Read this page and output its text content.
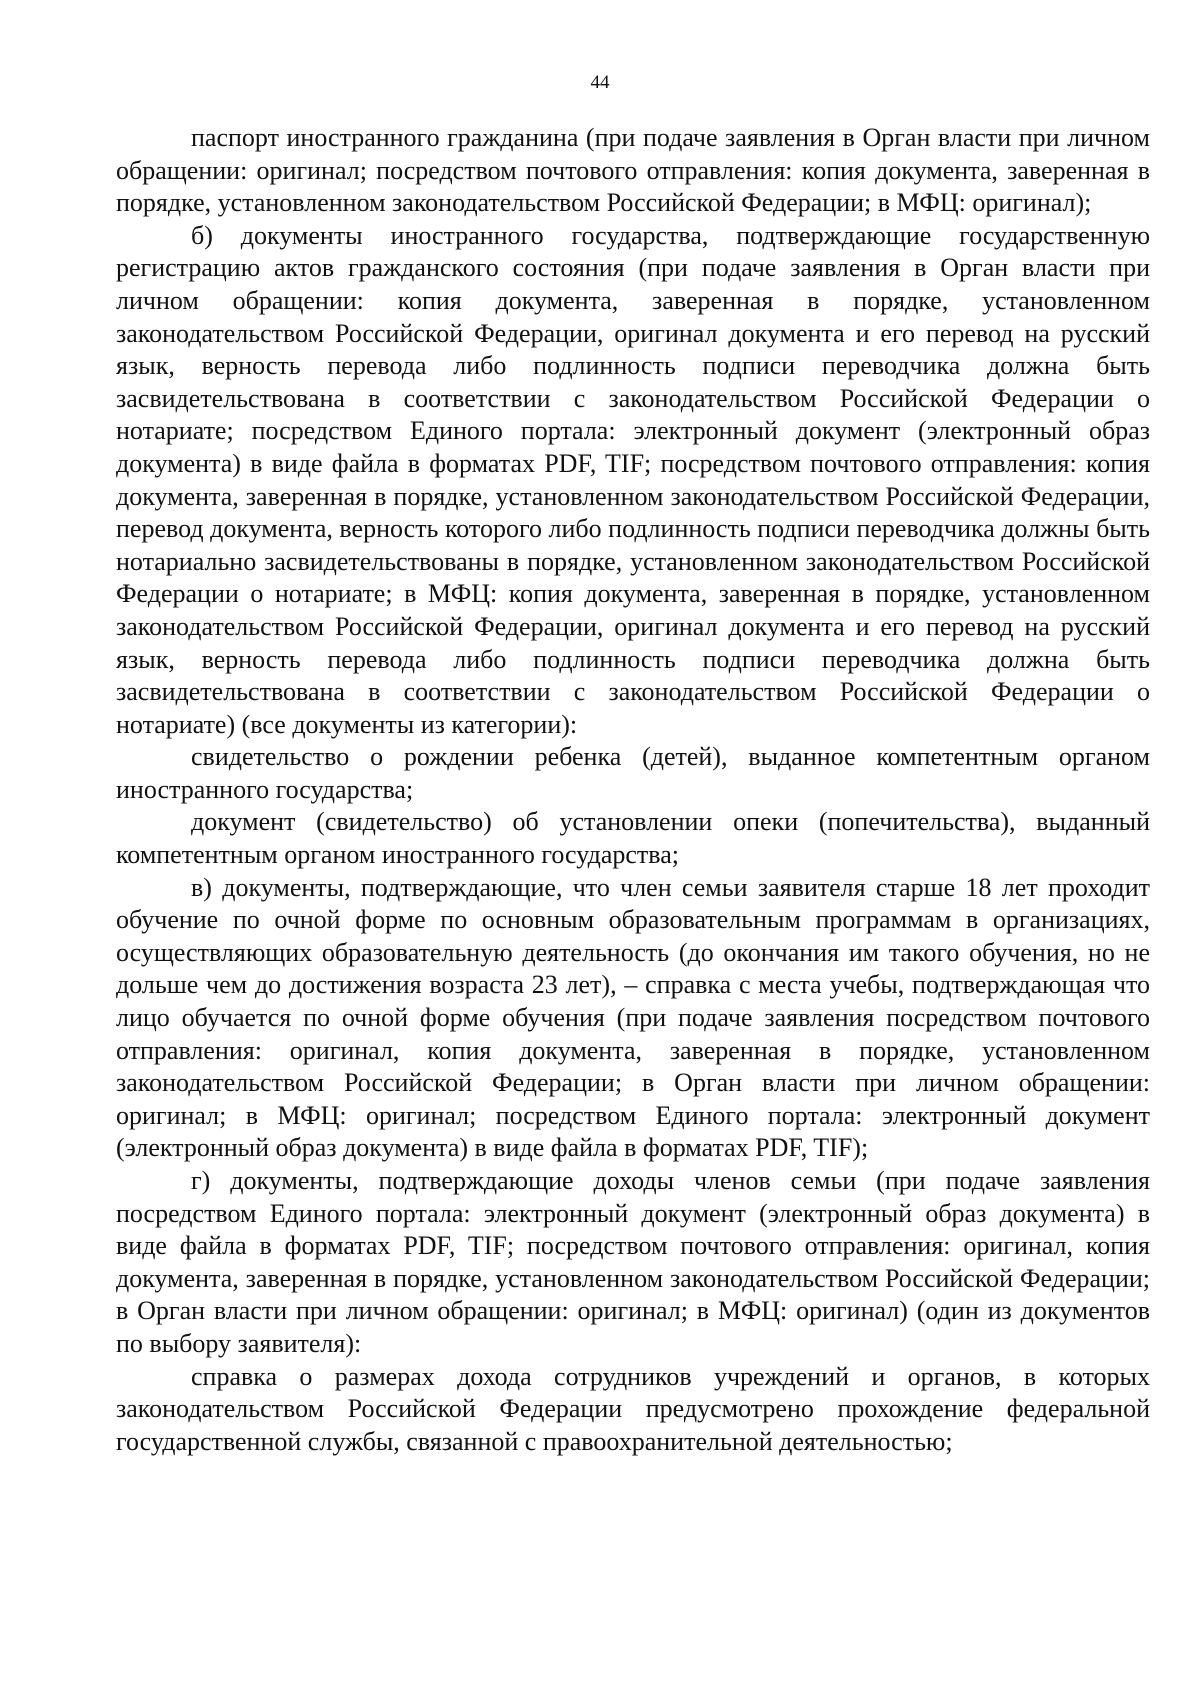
44

паспорт иностранного гражданина (при подаче заявления в Орган власти при личном обращении: оригинал; посредством почтового отправления: копия документа, заверенная в порядке, установленном законодательством Российской Федерации; в МФЦ: оригинал);

б) документы иностранного государства, подтверждающие государственную регистрацию актов гражданского состояния (при подаче заявления в Орган власти при личном обращении: копия документа, заверенная в порядке, установленном законодательством Российской Федерации, оригинал документа и его перевод на русский язык, верность перевода либо подлинность подписи переводчика должна быть засвидетельствована в соответствии с законодательством Российской Федерации о нотариате; посредством Единого портала: электронный документ (электронный образ документа) в виде файла в форматах PDF, TIF; посредством почтового отправления: копия документа, заверенная в порядке, установленном законодательством Российской Федерации, перевод документа, верность которого либо подлинность подписи переводчика должны быть нотариально засвидетельствованы в порядке, установленном законодательством Российской Федерации о нотариате; в МФЦ: копия документа, заверенная в порядке, установленном законодательством Российской Федерации, оригинал документа и его перевод на русский язык, верность перевода либо подлинность подписи переводчика должна быть засвидетельствована в соответствии с законодательством Российской Федерации о нотариате) (все документы из категории):

свидетельство о рождении ребенка (детей), выданное компетентным органом иностранного государства;

документ (свидетельство) об установлении опеки (попечительства), выданный компетентным органом иностранного государства;

в) документы, подтверждающие, что член семьи заявителя старше 18 лет проходит обучение по очной форме по основным образовательным программам в организациях, осуществляющих образовательную деятельность (до окончания им такого обучения, но не дольше чем до достижения возраста 23 лет), – справка с места учебы, подтверждающая что лицо обучается по очной форме обучения (при подаче заявления посредством почтового отправления: оригинал, копия документа, заверенная в порядке, установленном законодательством Российской Федерации; в Орган власти при личном обращении: оригинал; в МФЦ: оригинал; посредством Единого портала: электронный документ (электронный образ документа) в виде файла в форматах PDF, TIF);

г) документы, подтверждающие доходы членов семьи (при подаче заявления посредством Единого портала: электронный документ (электронный образ документа) в виде файла в форматах PDF, TIF; посредством почтового отправления: оригинал, копия документа, заверенная в порядке, установленном законодательством Российской Федерации; в Орган власти при личном обращении: оригинал; в МФЦ: оригинал) (один из документов по выбору заявителя):

справка о размерах дохода сотрудников учреждений и органов, в которых законодательством Российской Федерации предусмотрено прохождение федеральной государственной службы, связанной с правоохранительной деятельностью;
